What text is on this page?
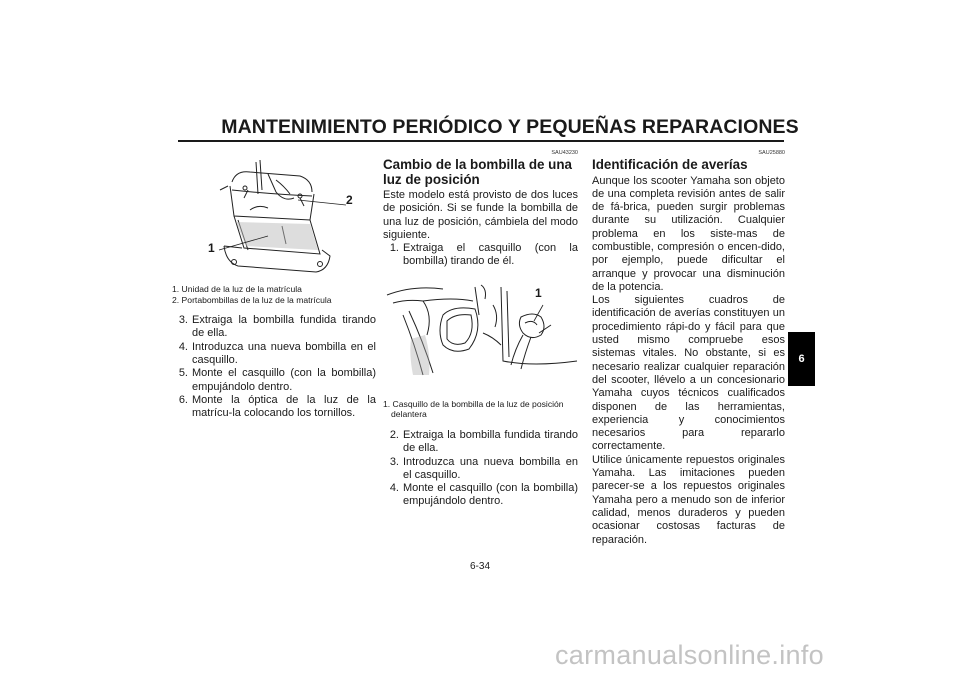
MANTENIMIENTO PERIÓDICO Y PEQUEÑAS REPARACIONES
1
2
1. Unidad de la luz de la matrícula
2. Portabombillas de la luz de la matrícula
3. Extraiga la bombilla fundida tirando de ella.
4. Introduzca una nueva bombilla en el casquillo.
5. Monte el casquillo (con la bombilla) empujándolo dentro.
6. Monte la óptica de la luz de la matrícu-la colocando los tornillos.
SAU43230
Cambio de la bombilla de una luz de posición
Este modelo está provisto de dos luces de posición. Si se funde la bombilla de una luz de posición, cámbiela del modo siguiente.
1. Extraiga el casquillo (con la bombilla) tirando de él.
1
1. Casquillo de la bombilla de la luz de posición delantera
2. Extraiga la bombilla fundida tirando de ella.
3. Introduzca una nueva bombilla en el casquillo.
4. Monte el casquillo (con la bombilla) empujándolo dentro.
SAU25880
Identificación de averías
Aunque los scooter Yamaha son objeto de una completa revisión antes de salir de fá-brica, pueden surgir problemas durante su utilización. Cualquier problema en los siste-mas de combustible, compresión o encen-dido, por ejemplo, puede dificultar el arranque y provocar una disminución de la potencia.
Los siguientes cuadros de identificación de averías constituyen un procedimiento rápi-do y fácil para que usted mismo compruebe esos sistemas vitales. No obstante, si es necesario realizar cualquier reparación del scooter, llévelo a un concesionario Yamaha cuyos técnicos cualificados disponen de las herramientas, experiencia y conocimientos necesarios para repararlo correctamente.
Utilice únicamente repuestos originales Yamaha. Las imitaciones pueden parecer-se a los repuestos originales Yamaha pero a menudo son de inferior calidad, menos duraderos y pueden ocasionar costosas facturas de reparación.
6
6-34
carmanualsonline.info
